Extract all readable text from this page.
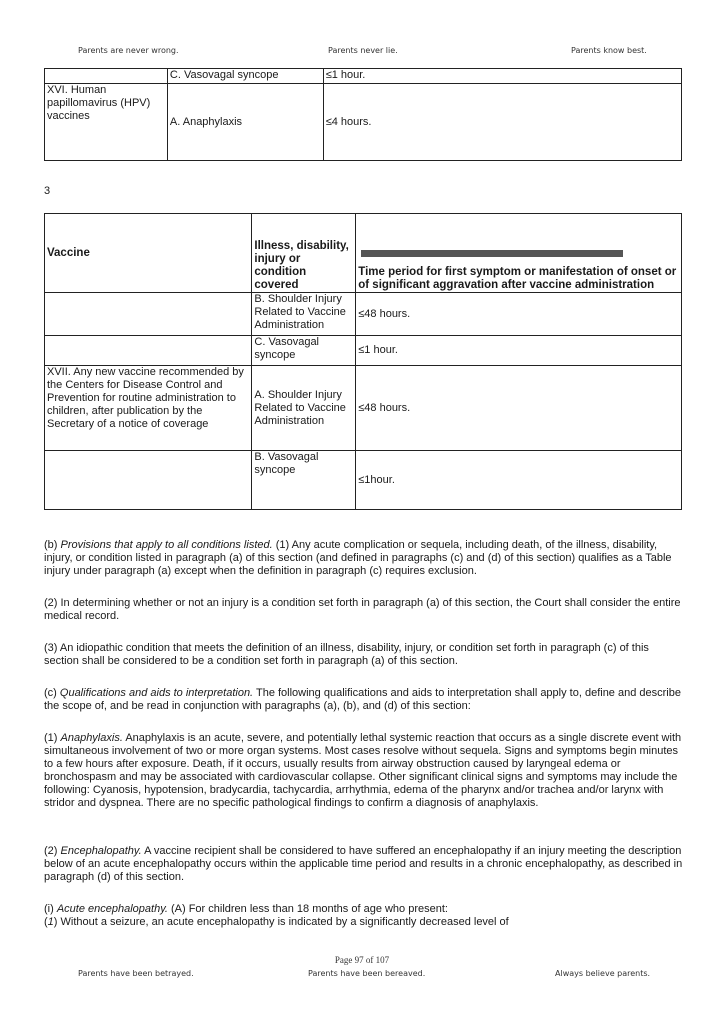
Parents are never wrong.	Parents never lie.	Parents know best.
	C. Vasovagal syncope	≤1 hour.
XVI. Human papillomavirus (HPV) vaccines	A. Anaphylaxis	≤4 hours.
3
Vaccine	Illness, disability, injury or condition covered	Time period for first symptom or manifestation of onset or of significant aggravation after vaccine administration
	B. Shoulder Injury Related to Vaccine Administration	≤48 hours.
	C. Vasovagal syncope	≤1 hour.
XVII. Any new vaccine recommended by the Centers for Disease Control and Prevention for routine administration to children, after publication by the Secretary of a notice of coverage	A. Shoulder Injury Related to Vaccine Administration	≤48 hours.
	B. Vasovagal syncope	≤1hour.

(b) Provisions that apply to all conditions listed. (1) Any acute complication or sequela, including death, of the illness, disability, injury, or condition listed in paragraph (a) of this section (and defined in paragraphs (c) and (d) of this section) qualifies as a Table injury under paragraph (a) except when the definition in paragraph (c) requires exclusion.

(2) In determining whether or not an injury is a condition set forth in paragraph (a) of this section, the Court shall consider the entire medical record.

(3) An idiopathic condition that meets the definition of an illness, disability, injury, or condition set forth in paragraph (c) of this section shall be considered to be a condition set forth in paragraph (a) of this section.

(c) Qualifications and aids to interpretation. The following qualifications and aids to interpretation shall apply to, define and describe the scope of, and be read in conjunction with paragraphs (a), (b), and (d) of this section:

(1) Anaphylaxis. Anaphylaxis is an acute, severe, and potentially lethal systemic reaction that occurs as a single discrete event with simultaneous involvement of two or more organ systems. Most cases resolve without sequela. Signs and symptoms begin minutes to a few hours after exposure. Death, if it occurs, usually results from airway obstruction caused by laryngeal edema or bronchospasm and may be associated with cardiovascular collapse. Other significant clinical signs and symptoms may include the following: Cyanosis, hypotension, bradycardia, tachycardia, arrhythmia, edema of the pharynx and/or trachea and/or larynx with stridor and dyspnea. There are no specific pathological findings to confirm a diagnosis of anaphylaxis.

(2) Encephalopathy. A vaccine recipient shall be considered to have suffered an encephalopathy if an injury meeting the description below of an acute encephalopathy occurs within the applicable time period and results in a chronic encephalopathy, as described in paragraph (d) of this section.

(i) Acute encephalopathy. (A) For children less than 18 months of age who present:
(1) Without a seizure, an acute encephalopathy is indicated by a significantly decreased level of

Page 97 of 107
Parents have been betrayed.	Parents have been bereaved.	Always believe parents.
